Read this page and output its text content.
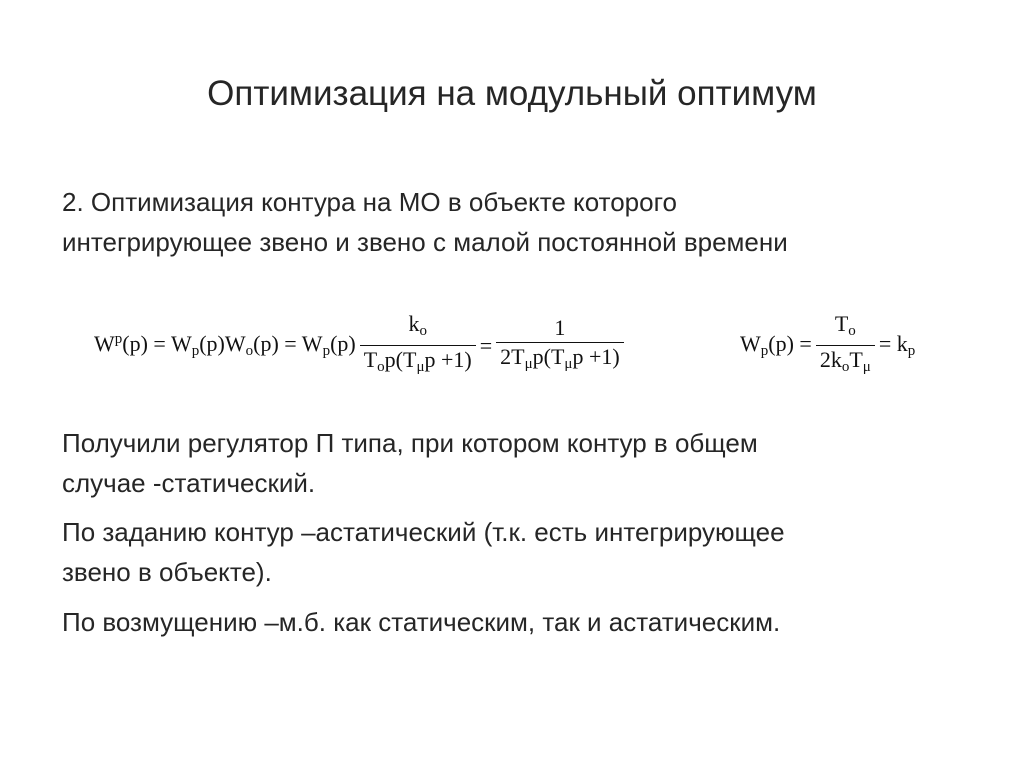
Оптимизация на модульный оптимум
2. Оптимизация контура на МО в объекте которого
интегрирующее звено и звено с малой постоянной времени
$W^p(p) = W_p(p)W_o(p) = W_p(p) \frac{k_o}{T_op(T_\mu p +1)} = \frac{1}{2T_\mu p(T_\mu p +1)}$	$W_p(p) = \frac{T_o}{2k_oT_\mu} = k_p$
Получили регулятор П типа, при котором контур в общем
случае -статический.
По заданию контур –астатический (т.к. есть интегрирующее
звено в объекте).
По возмущению –м.б. как статическим, так и астатическим.
